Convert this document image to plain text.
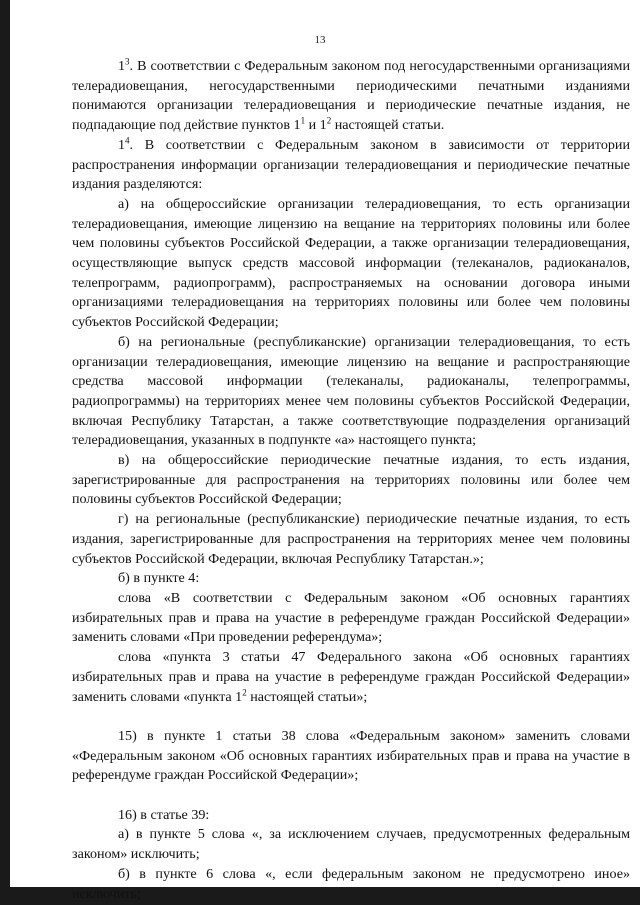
13

$1^3$. В соответствии с Федеральным законом под негосударственными организациями телерадиовещания, негосударственными периодическими печатными изданиями понимаются организации телерадиовещания и периодические печатные издания, не подпадающие под действие пунктов $1^1$ и $1^2$ настоящей статьи.

$1^4$. В соответствии с Федеральным законом в зависимости от территории распространения информации организации телерадиовещания и периодические печатные издания разделяются:

а) на общероссийские организации телерадиовещания, то есть организации телерадиовещания, имеющие лицензию на вещание на территориях половины или более чем половины субъектов Российской Федерации, а также организации телерадиовещания, осуществляющие выпуск средств массовой информации (телеканалов, радиоканалов, телепрограмм, радиопрограмм), распространяемых на основании договора иными организациями телерадиовещания на территориях половины или более чем половины субъектов Российской Федерации;

б) на региональные (республиканские) организации телерадиовещания, то есть организации телерадиовещания, имеющие лицензию на вещание и распространяющие средства массовой информации (телеканалы, радиоканалы, телепрограммы, радиопрограммы) на территориях менее чем половины субъектов Российской Федерации, включая Республику Татарстан, а также соответствующие подразделения организаций телерадиовещания, указанных в подпункте «а» настоящего пункта;

в) на общероссийские периодические печатные издания, то есть издания, зарегистрированные для распространения на территориях половины или более чем половины субъектов Российской Федерации;

г) на региональные (республиканские) периодические печатные издания, то есть издания, зарегистрированные для распространения на территориях менее чем половины субъектов Российской Федерации, включая Республику Татарстан.»;

б) в пункте 4:

слова «В соответствии с Федеральным законом «Об основных гарантиях избирательных прав и права на участие в референдуме граждан Российской Федерации» заменить словами «При проведении референдума»;

слова «пункта 3 статьи 47 Федерального закона «Об основных гарантиях избирательных прав и права на участие в референдуме граждан Российской Федерации» заменить словами «пункта $1^2$ настоящей статьи»;

15) в пункте 1 статьи 38 слова «Федеральным законом» заменить словами «Федеральным законом «Об основных гарантиях избирательных прав и права на участие в референдуме граждан Российской Федерации»;

16) в статье 39:

а) в пункте 5 слова «, за исключением случаев, предусмотренных федеральным законом» исключить;

б) в пункте 6 слова «, если федеральным законом не предусмотрено иное» исключить;
